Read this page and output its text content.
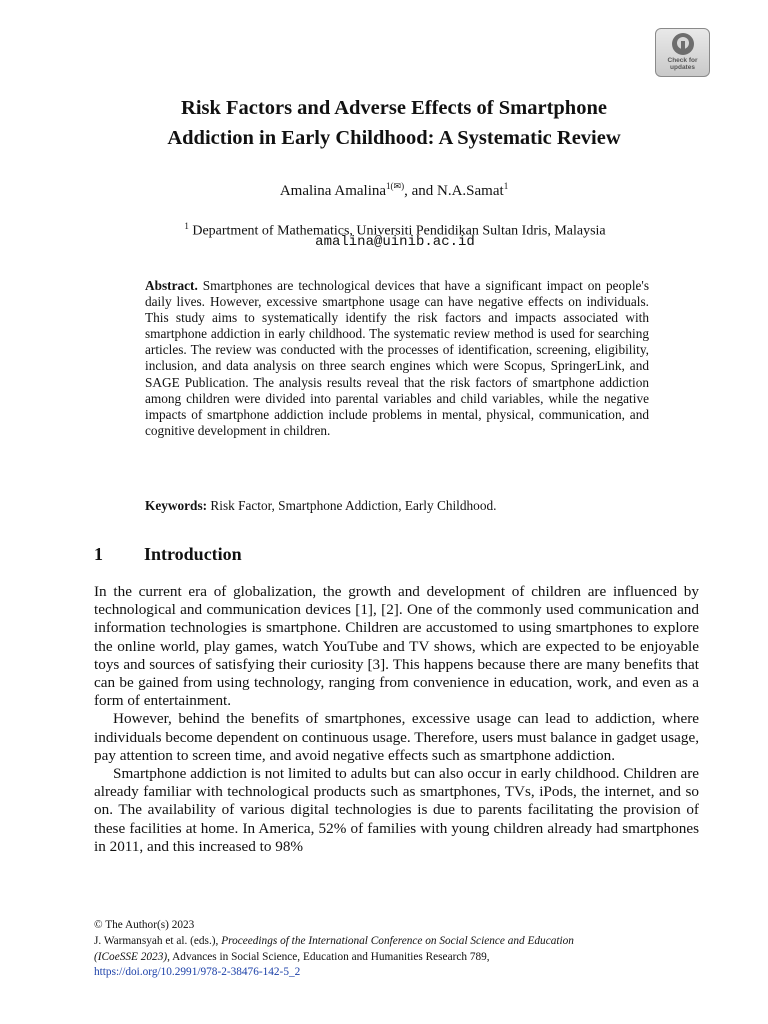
Check for
updates
Risk Factors and Adverse Effects of Smartphone
Addiction in Early Childhood: A Systematic Review
Amalina Amalina$^{1(✉)}$, and N.A.Samat$^1$
$^1$ Department of Mathematics, Universiti Pendidikan Sultan Idris, Malaysia
amalina@uinib.ac.id

Abstract. Smartphones are technological devices that have a significant impact on people's daily lives. However, excessive smartphone usage can have negative effects on individuals. This study aims to systematically identify the risk factors and impacts associated with smartphone addiction in early childhood. The systematic review method is used for searching articles. The review was conducted with the processes of identification, screening, eligibility, inclusion, and data analysis on three search engines which were Scopus, SpringerLink, and SAGE Publication. The analysis results reveal that the risk factors of smartphone addiction among children were divided into parental variables and child variables, while the negative impacts of smartphone addiction include problems in mental, physical, communication, and cognitive development in children.

Keywords: Risk Factor, Smartphone Addiction, Early Childhood.

1 Introduction

In the current era of globalization, the growth and development of children are influenced by technological and communication devices [1], [2]. One of the commonly used communication and information technologies is smartphone. Children are accustomed to using smartphones to explore the online world, play games, watch YouTube and TV shows, which are expected to be enjoyable toys and sources of satisfying their curiosity [3]. This happens because there are many benefits that can be gained from using technology, ranging from convenience in education, work, and even as a form of entertainment.

However, behind the benefits of smartphones, excessive usage can lead to addiction, where individuals become dependent on continuous usage. Therefore, users must balance in gadget usage, pay attention to screen time, and avoid negative effects such as smartphone addiction.

Smartphone addiction is not limited to adults but can also occur in early childhood. Children are already familiar with technological products such as smartphones, TVs, iPods, the internet, and so on. The availability of various digital technologies is due to parents facilitating the provision of these facilities at home. In America, 52% of families with young children already had smartphones in 2011, and this increased to 98%

© The Author(s) 2023
J. Warmansyah et al. (eds.), Proceedings of the International Conference on Social Science and Education
(ICoeSSE 2023), Advances in Social Science, Education and Humanities Research 789,
https://doi.org/10.2991/978-2-38476-142-5_2
